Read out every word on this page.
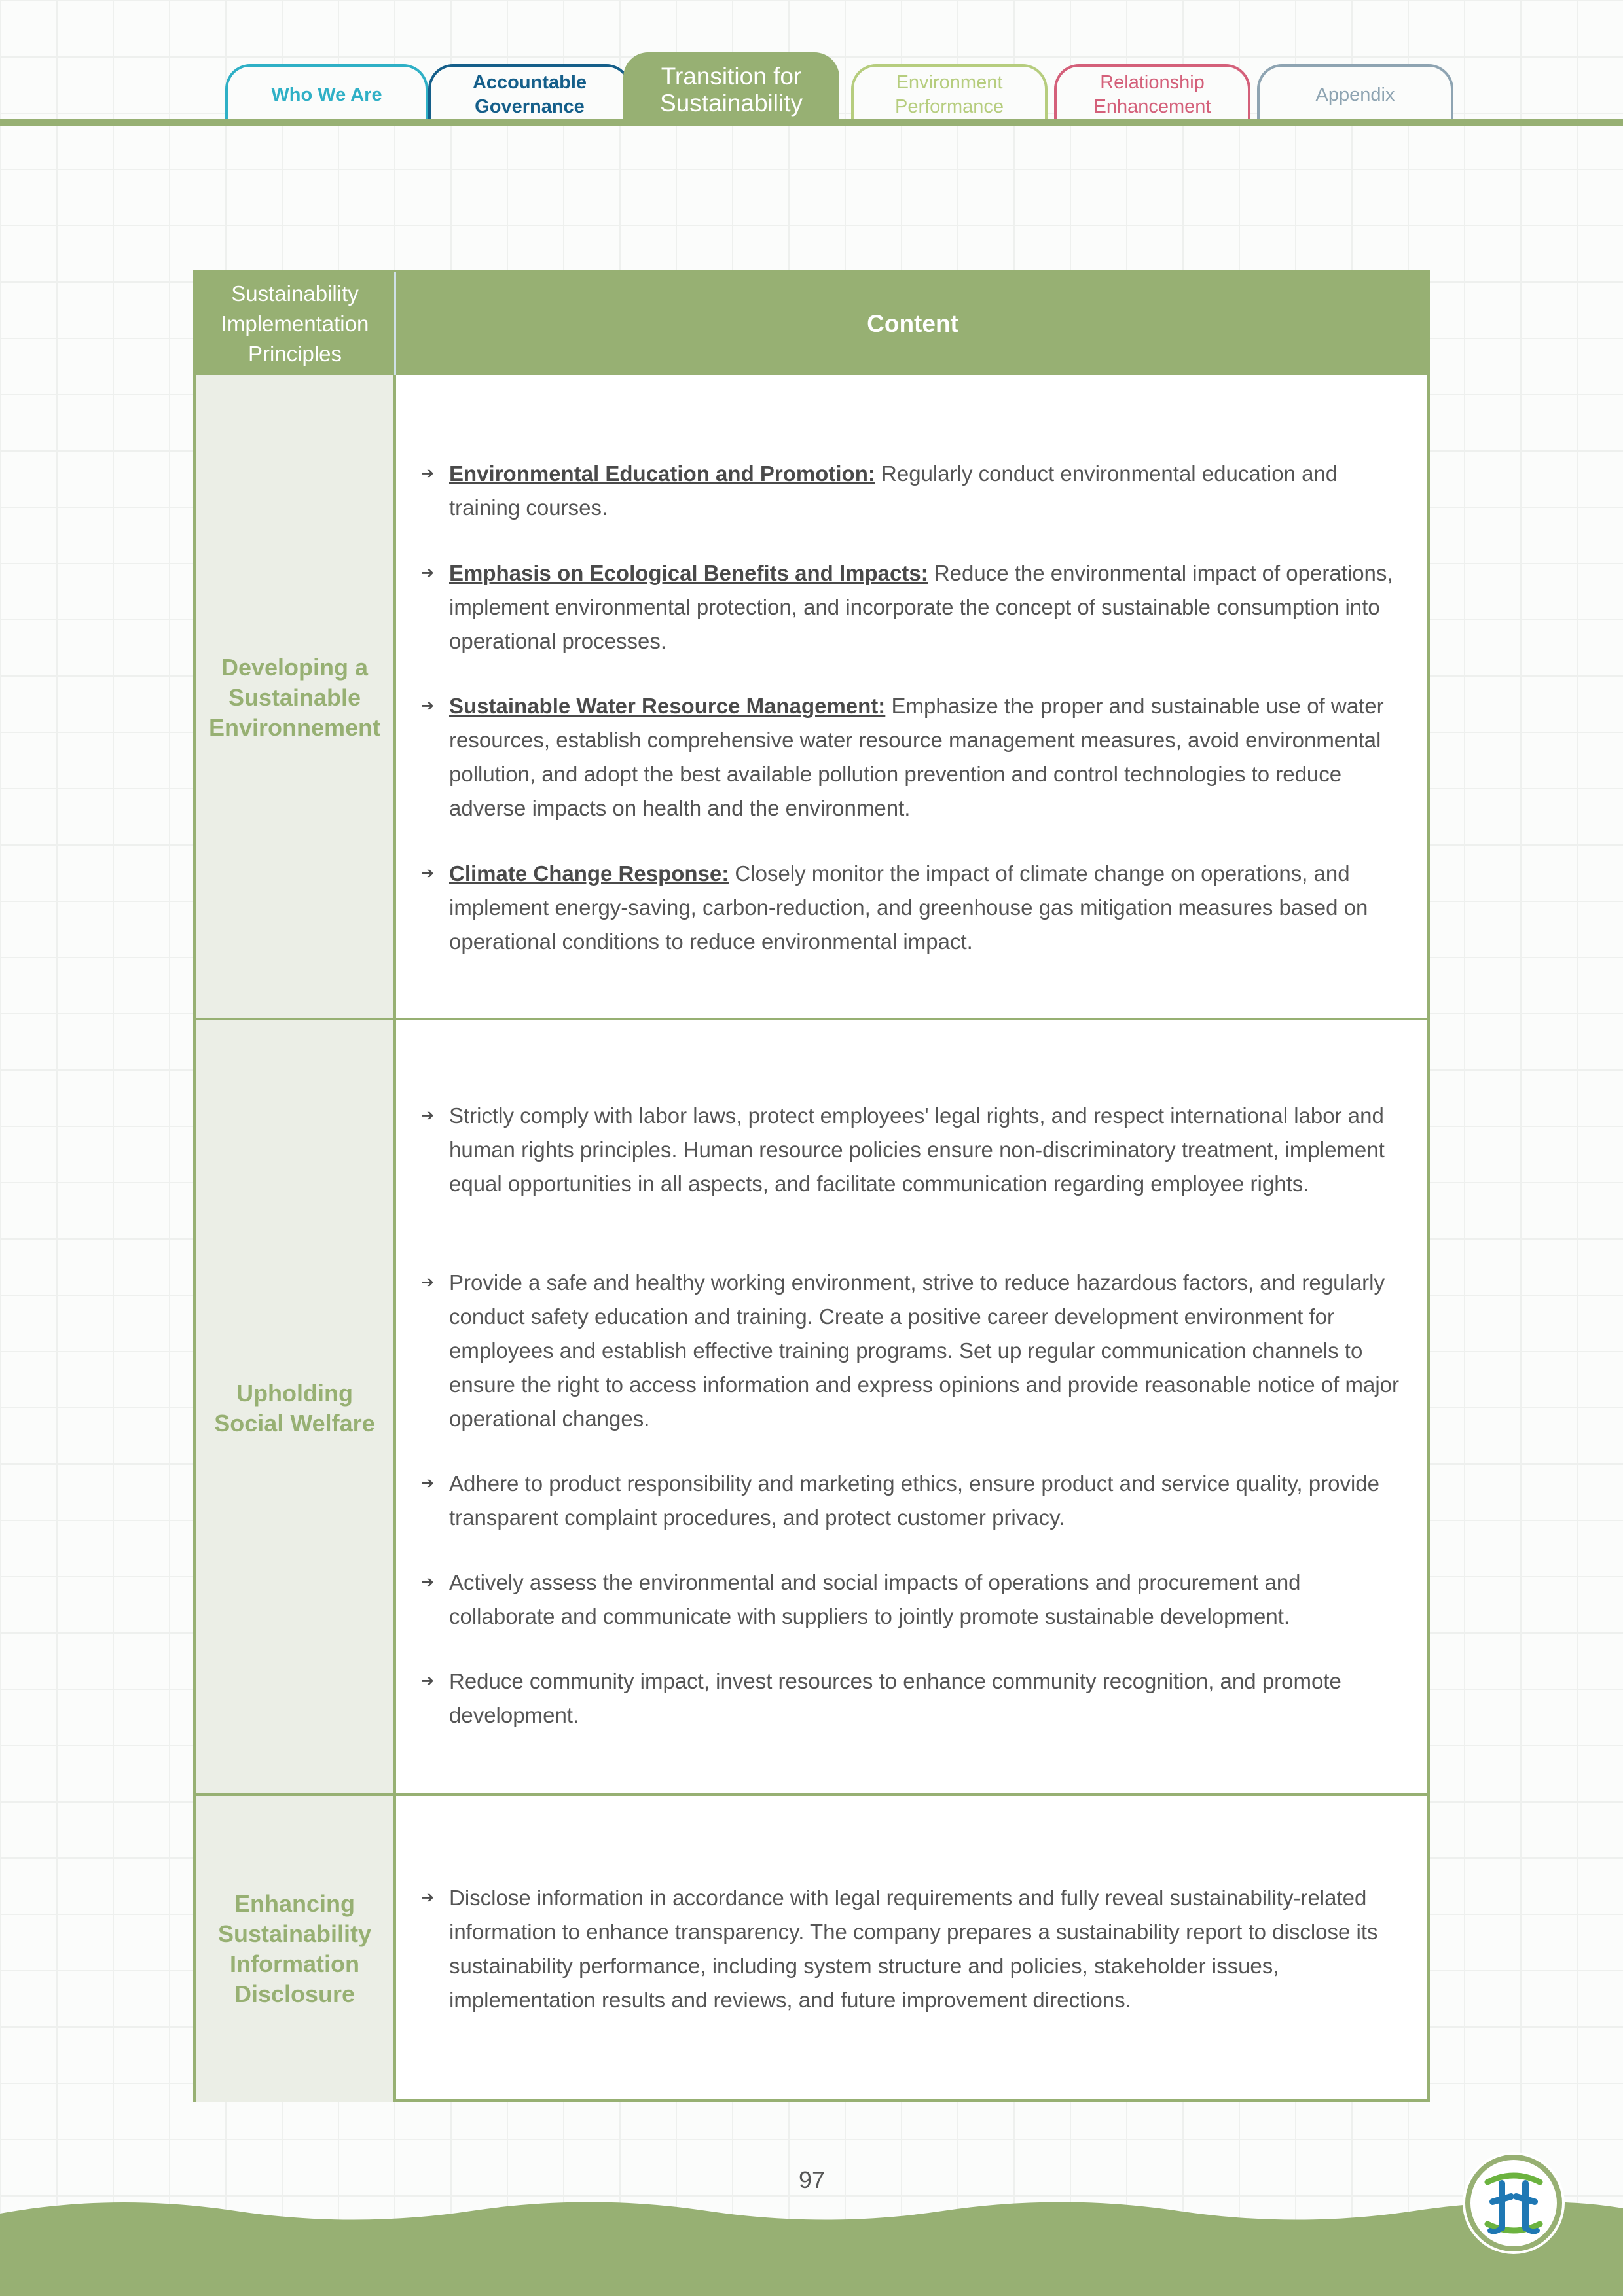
Who We Are
Accountable
Governance
Transition for
Sustainability
Environment
Performance
Relationship
Enhancement
Appendix
Sustainability
Implementation
Principles
Content
Developing a
Sustainable
Environnement
➔ Environmental Education and Promotion: Regularly conduct environmental education and training courses.
➔ Emphasis on Ecological Benefits and Impacts: Reduce the environmental impact of operations, implement environmental protection, and incorporate the concept of sustainable consumption into operational processes.
➔ Sustainable Water Resource Management: Emphasize the proper and sustainable use of water resources, establish comprehensive water resource management measures, avoid environmental pollution, and adopt the best available pollution prevention and control technologies to reduce adverse impacts on health and the environment.
➔ Climate Change Response: Closely monitor the impact of climate change on operations, and implement energy-saving, carbon-reduction, and greenhouse gas mitigation measures based on operational conditions to reduce environmental impact.
Upholding
Social Welfare
➔ Strictly comply with labor laws, protect employees' legal rights, and respect international labor and human rights principles. Human resource policies ensure non-discriminatory treatment, implement equal opportunities in all aspects, and facilitate communication regarding employee rights.
➔ Provide a safe and healthy working environment, strive to reduce hazardous factors, and regularly conduct safety education and training. Create a positive career development environment for employees and establish effective training programs. Set up regular communication channels to ensure the right to access information and express opinions and provide reasonable notice of major operational changes.
➔ Adhere to product responsibility and marketing ethics, ensure product and service quality, provide transparent complaint procedures, and protect customer privacy.
➔ Actively assess the environmental and social impacts of operations and procurement and collaborate and communicate with suppliers to jointly promote sustainable development.
➔ Reduce community impact, invest resources to enhance community recognition, and promote development.
Enhancing
Sustainability
Information
Disclosure
➔ Disclose information in accordance with legal requirements and fully reveal sustainability-related information to enhance transparency. The company prepares a sustainability report to disclose its sustainability performance, including system structure and policies, stakeholder issues, implementation results and reviews, and future improvement directions.
97
